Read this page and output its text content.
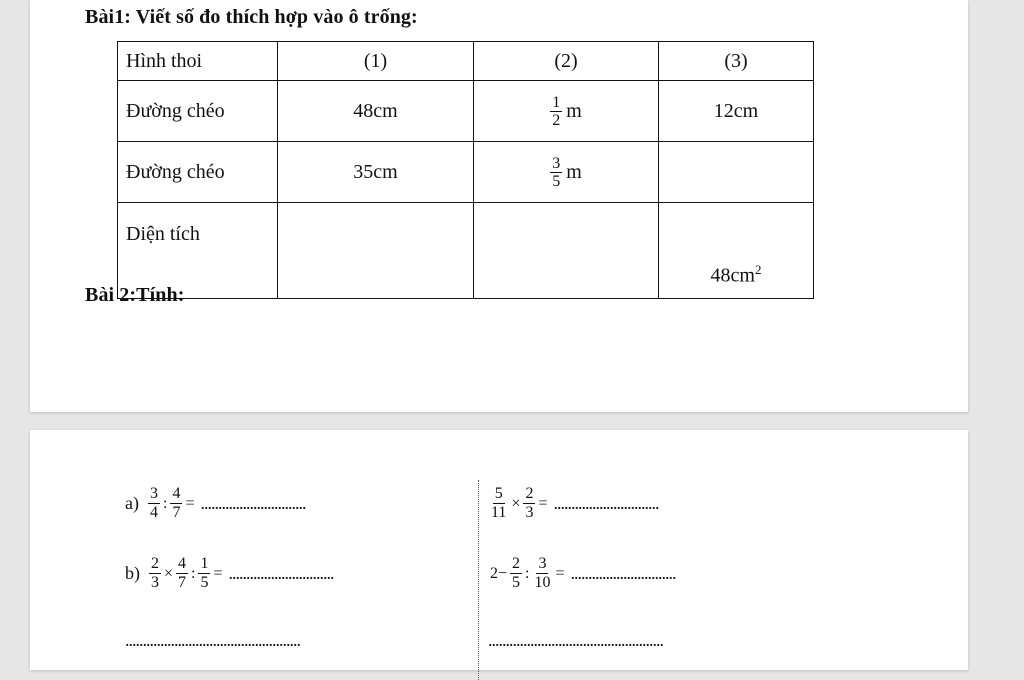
Bài1: Viết số đo thích hợp vào ô trống:
Hình thoi	(1)	(2)	(3)
Đường chéo	48cm	$\frac{1}{2}$ m	12cm
Đường chéo	35cm	$\frac{3}{5}$ m	
Diện tích			$48cm^2$
Bài 2:Tính:
$a) \frac{3}{4}$ : $\frac{4}{7}$ = ..............................	$\frac{5}{11} \times \frac{2}{3}$ = ..............................
$b) \frac{2}{3} \times \frac{4}{7}$ : $\frac{1}{5}$ = ..............................	$2- \frac{2}{5}$ : $\frac{3}{10}$ = ..............................
..................................................	..................................................
